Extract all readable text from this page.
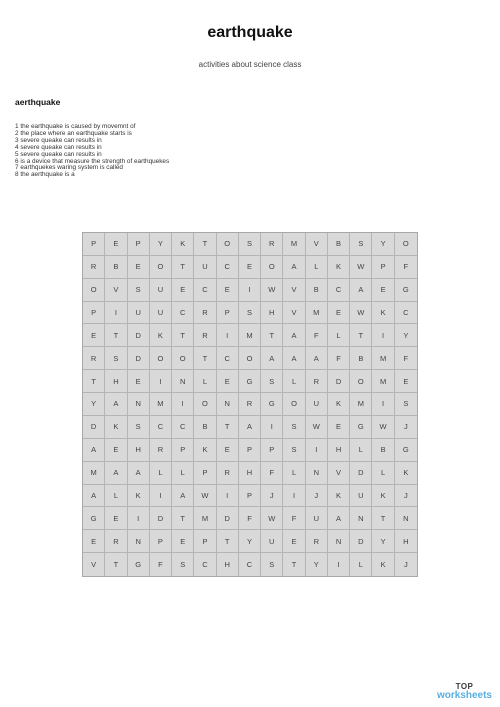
earthquake
activities about science class
aerthquake
1 the earthquake is caused by movemnt of
2 the place where an earthquake starts is
3 severe queake can results in
4 severe queake can results in
5 severe queake can results in
6 is a device that measure the strength of earthquekes
7 earthquekes waring system is called
8 the aerthquake is a
P	E	P	Y	K	T	O	S	R	M	V	B	S	Y	O
R	B	E	O	T	U	C	E	O	A	L	K	W	P	F
O	V	S	U	E	C	E	I	W	V	B	C	A	E	G
P	I	U	U	C	R	P	S	H	V	M	E	W	K	C
E	T	D	K	T	R	I	M	T	A	F	L	T	I	Y
R	S	D	O	O	T	C	O	A	A	A	F	B	M	F
T	H	E	I	N	L	E	G	S	L	R	D	O	M	E
Y	A	N	M	I	O	N	R	G	O	U	K	M	I	S
D	K	S	C	C	B	T	A	I	S	W	E	G	W	J
A	E	H	R	P	K	E	P	P	S	I	H	L	B	G
M	A	A	L	L	P	R	H	F	L	N	V	D	L	K
A	L	K	I	A	W	I	P	J	I	J	K	U	K	J
G	E	I	D	T	M	D	F	W	F	U	A	N	T	N
E	R	N	P	E	P	T	Y	U	E	R	N	D	Y	H
V	T	G	F	S	C	H	C	S	T	Y	I	L	K	J
TOP
worksheets
